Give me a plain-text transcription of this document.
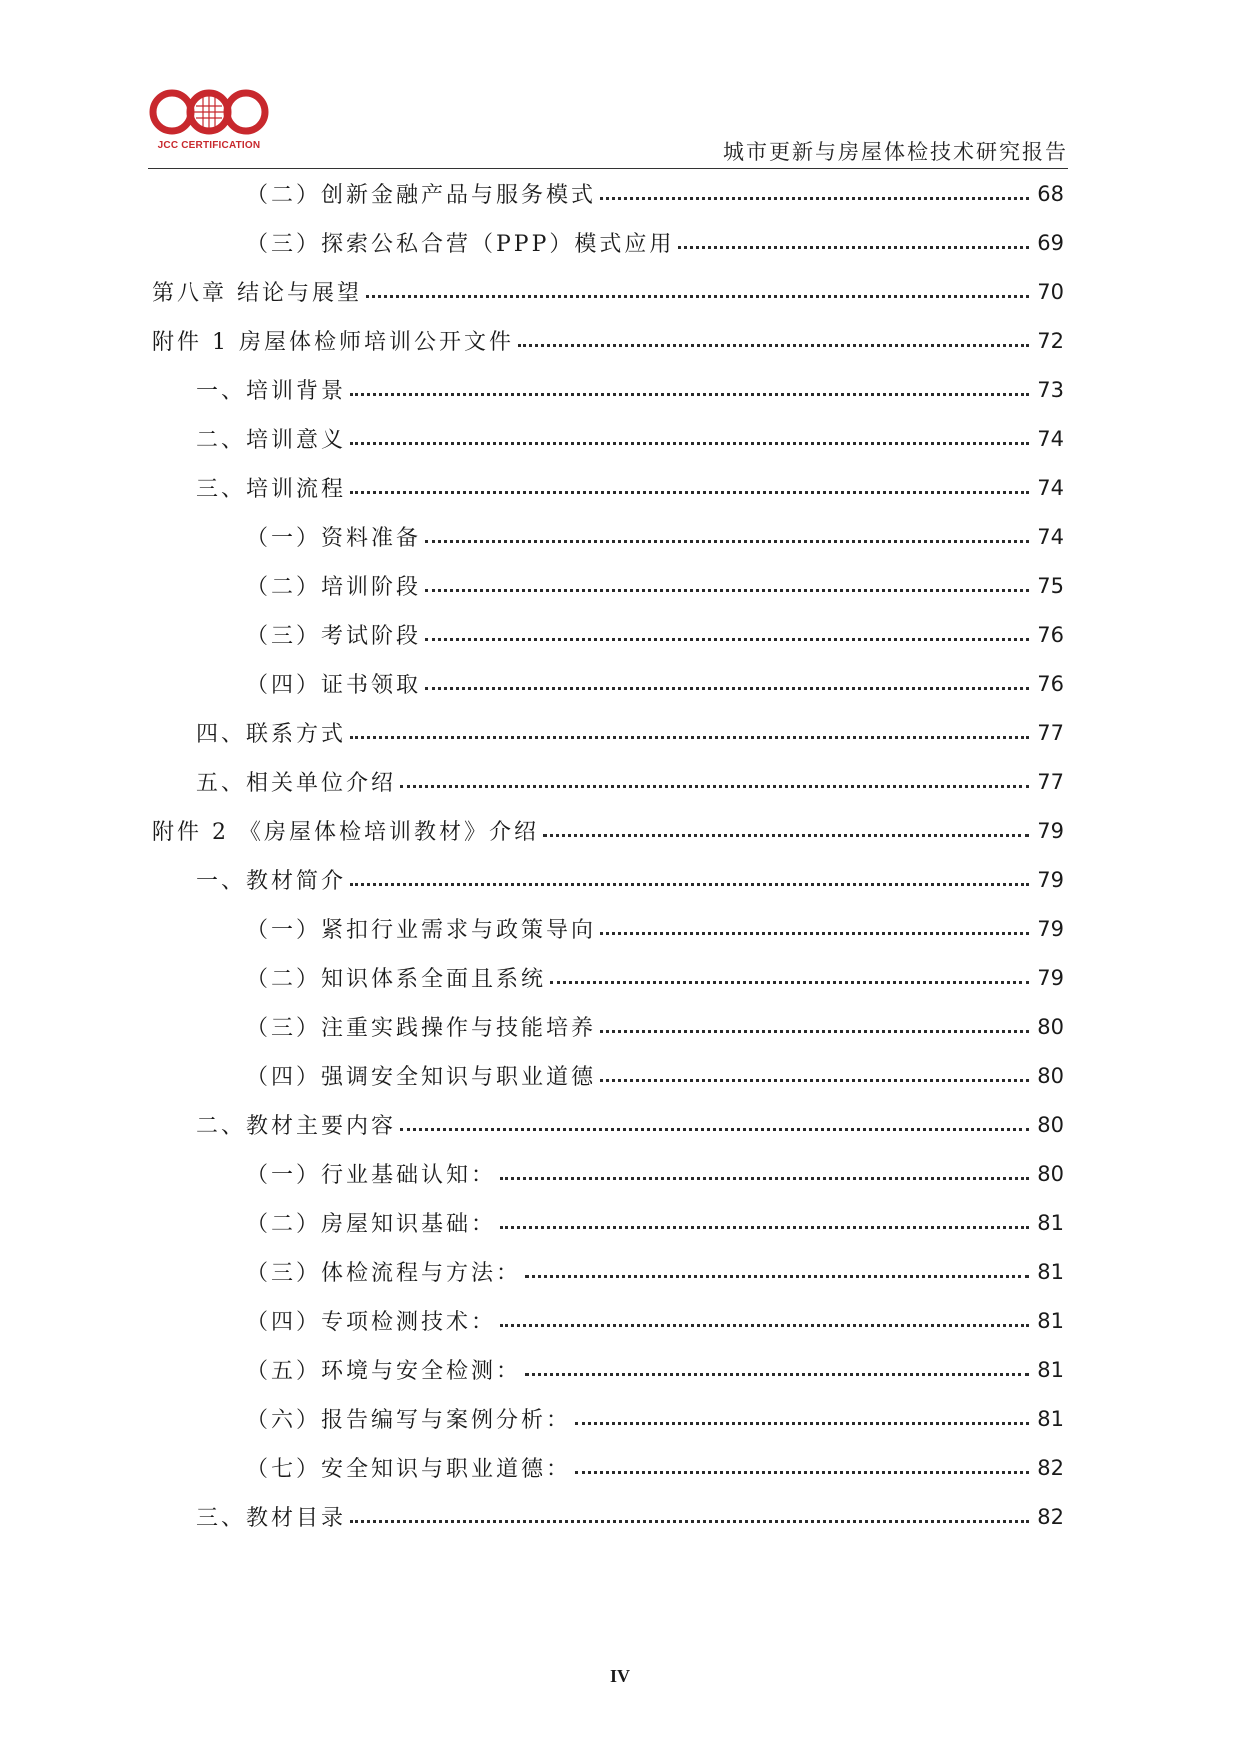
JCC CERTIFICATION	城市更新与房屋体检技术研究报告
（二）创新金融产品与服务模式	68
（三）探索公私合营（PPP）模式应用	69
第八章 结论与展望	70
附件 1 房屋体检师培训公开文件	72
一、培训背景	73
二、培训意义	74
三、培训流程	74
（一）资料准备	74
（二）培训阶段	75
（三）考试阶段	76
（四）证书领取	76
四、联系方式	77
五、相关单位介绍	77
附件 2 《房屋体检培训教材》介绍	79
一、教材简介	79
（一）紧扣行业需求与政策导向	79
（二）知识体系全面且系统	79
（三）注重实践操作与技能培养	80
（四）强调安全知识与职业道德	80
二、教材主要内容	80
（一）行业基础认知：	80
（二）房屋知识基础：	81
（三）体检流程与方法：	81
（四）专项检测技术：	81
（五）环境与安全检测：	81
（六）报告编写与案例分析：	81
（七）安全知识与职业道德：	82
三、教材目录	82
IV
